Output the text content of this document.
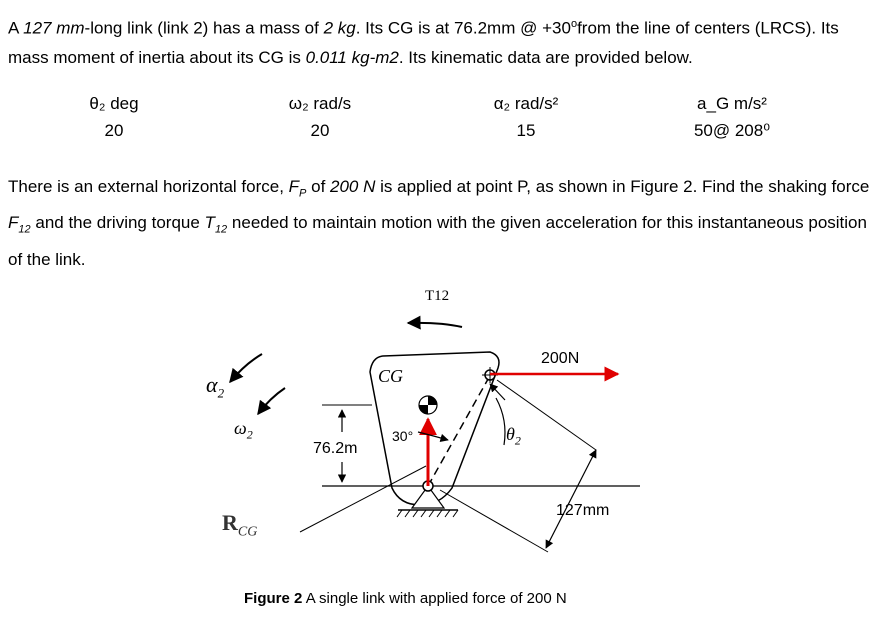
A 127 mm-long link (link 2) has a mass of 2 kg. Its CG is at 76.2mm @ $+30^ofrom$ the line of centers (LRCS). Its mass moment of inertia about its CG is 0.011 kg-m2. Its kinematic data are provided below.

θ₂ deg	ω₂ rad/s	α₂ rad/s²	a_G m/s²
20	20	15	50@ 208⁰

There is an external horizontal force, $F_P$ of 200 N is applied at point P, as shown in Figure 2. Find the shaking force $F_{12}$ and the driving torque $T_{12}$ needed to maintain motion with the given acceleration for this instantaneous position of the link.

T12
$\alpha_2$
$\omega_2$
CG
76.2m
30°	$\theta_2$
200N
127mm
$R_{CG}$
Figure 2 A single link with applied force of 200 N
